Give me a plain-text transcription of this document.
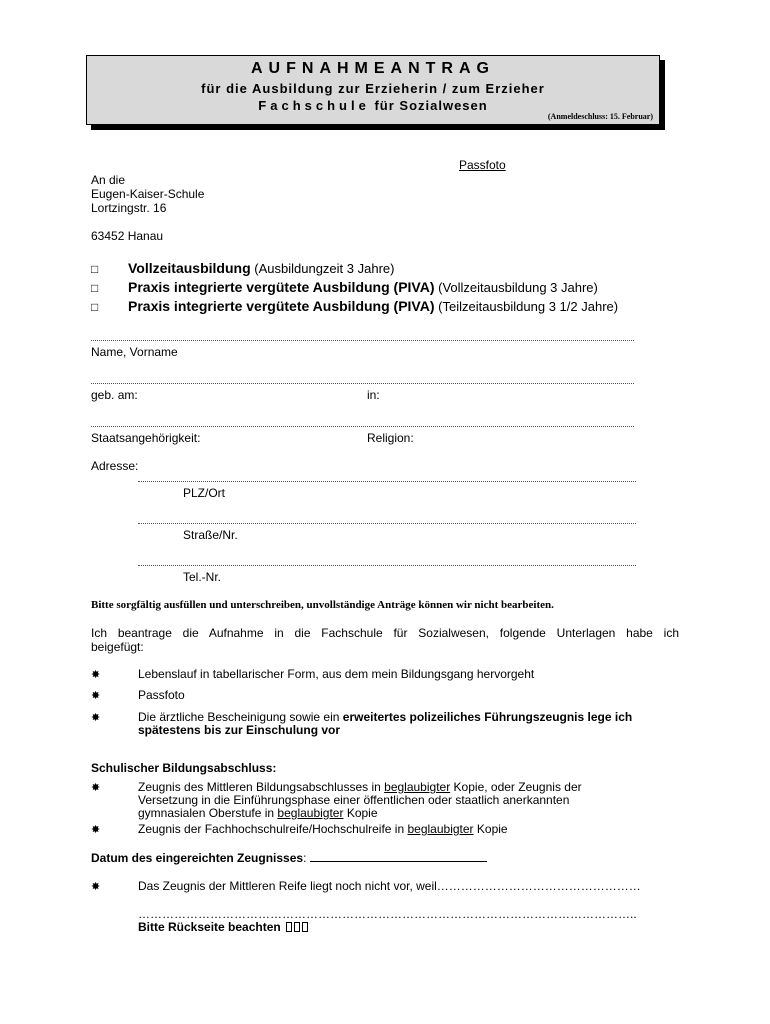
AUFNAHMEANTRAG
für die Ausbildung zur Erzieherin / zum Erzieher
Fachschule für Sozialwesen
(Anmeldeschluss: 15. Februar)
Passfoto
An die
Eugen-Kaiser-Schule
Lortzingstr. 16
63452 Hanau
□ Vollzeitausbildung (Ausbildungzeit 3 Jahre)
□ Praxis integrierte vergütete Ausbildung (PIVA) (Vollzeitausbildung 3 Jahre)
□ Praxis integrierte vergütete Ausbildung (PIVA) (Teilzeitausbildung 3 1/2 Jahre)
Name, Vorname
geb. am:	in:
Staatsangehörigkeit:	Religion:
Adresse:
PLZ/Ort
Straße/Nr.
Tel.-Nr.
Bitte sorgfältig ausfüllen und unterschreiben, unvollständige Anträge können wir nicht bearbeiten.
Ich beantrage die Aufnahme in die Fachschule für Sozialwesen, folgende Unterlagen habe ich
beigefügt:
✸	Lebenslauf in tabellarischer Form, aus dem mein Bildungsgang hervorgeht
✸	Passfoto
✸	Die ärztliche Bescheinigung sowie ein erweitertes polizeiliches Führungszeugnis lege ich
spätestens bis zur Einschulung vor
Schulischer Bildungsabschluss:
✸	Zeugnis des Mittleren Bildungsabschlusses in beglaubigter Kopie, oder Zeugnis der
Versetzung in die Einführungsphase einer öffentlichen oder staatlich anerkannten
gymnasialen Oberstufe in beglaubigter Kopie
✸	Zeugnis der Fachhochschulreife/Hochschulreife in beglaubigter Kopie
Datum des eingereichten Zeugnisses:
✸	Das Zeugnis der Mittleren Reife liegt noch nicht vor, weil……………………………………………
……………………………………………………………………………………………………………..
Bitte Rückseite beachten
